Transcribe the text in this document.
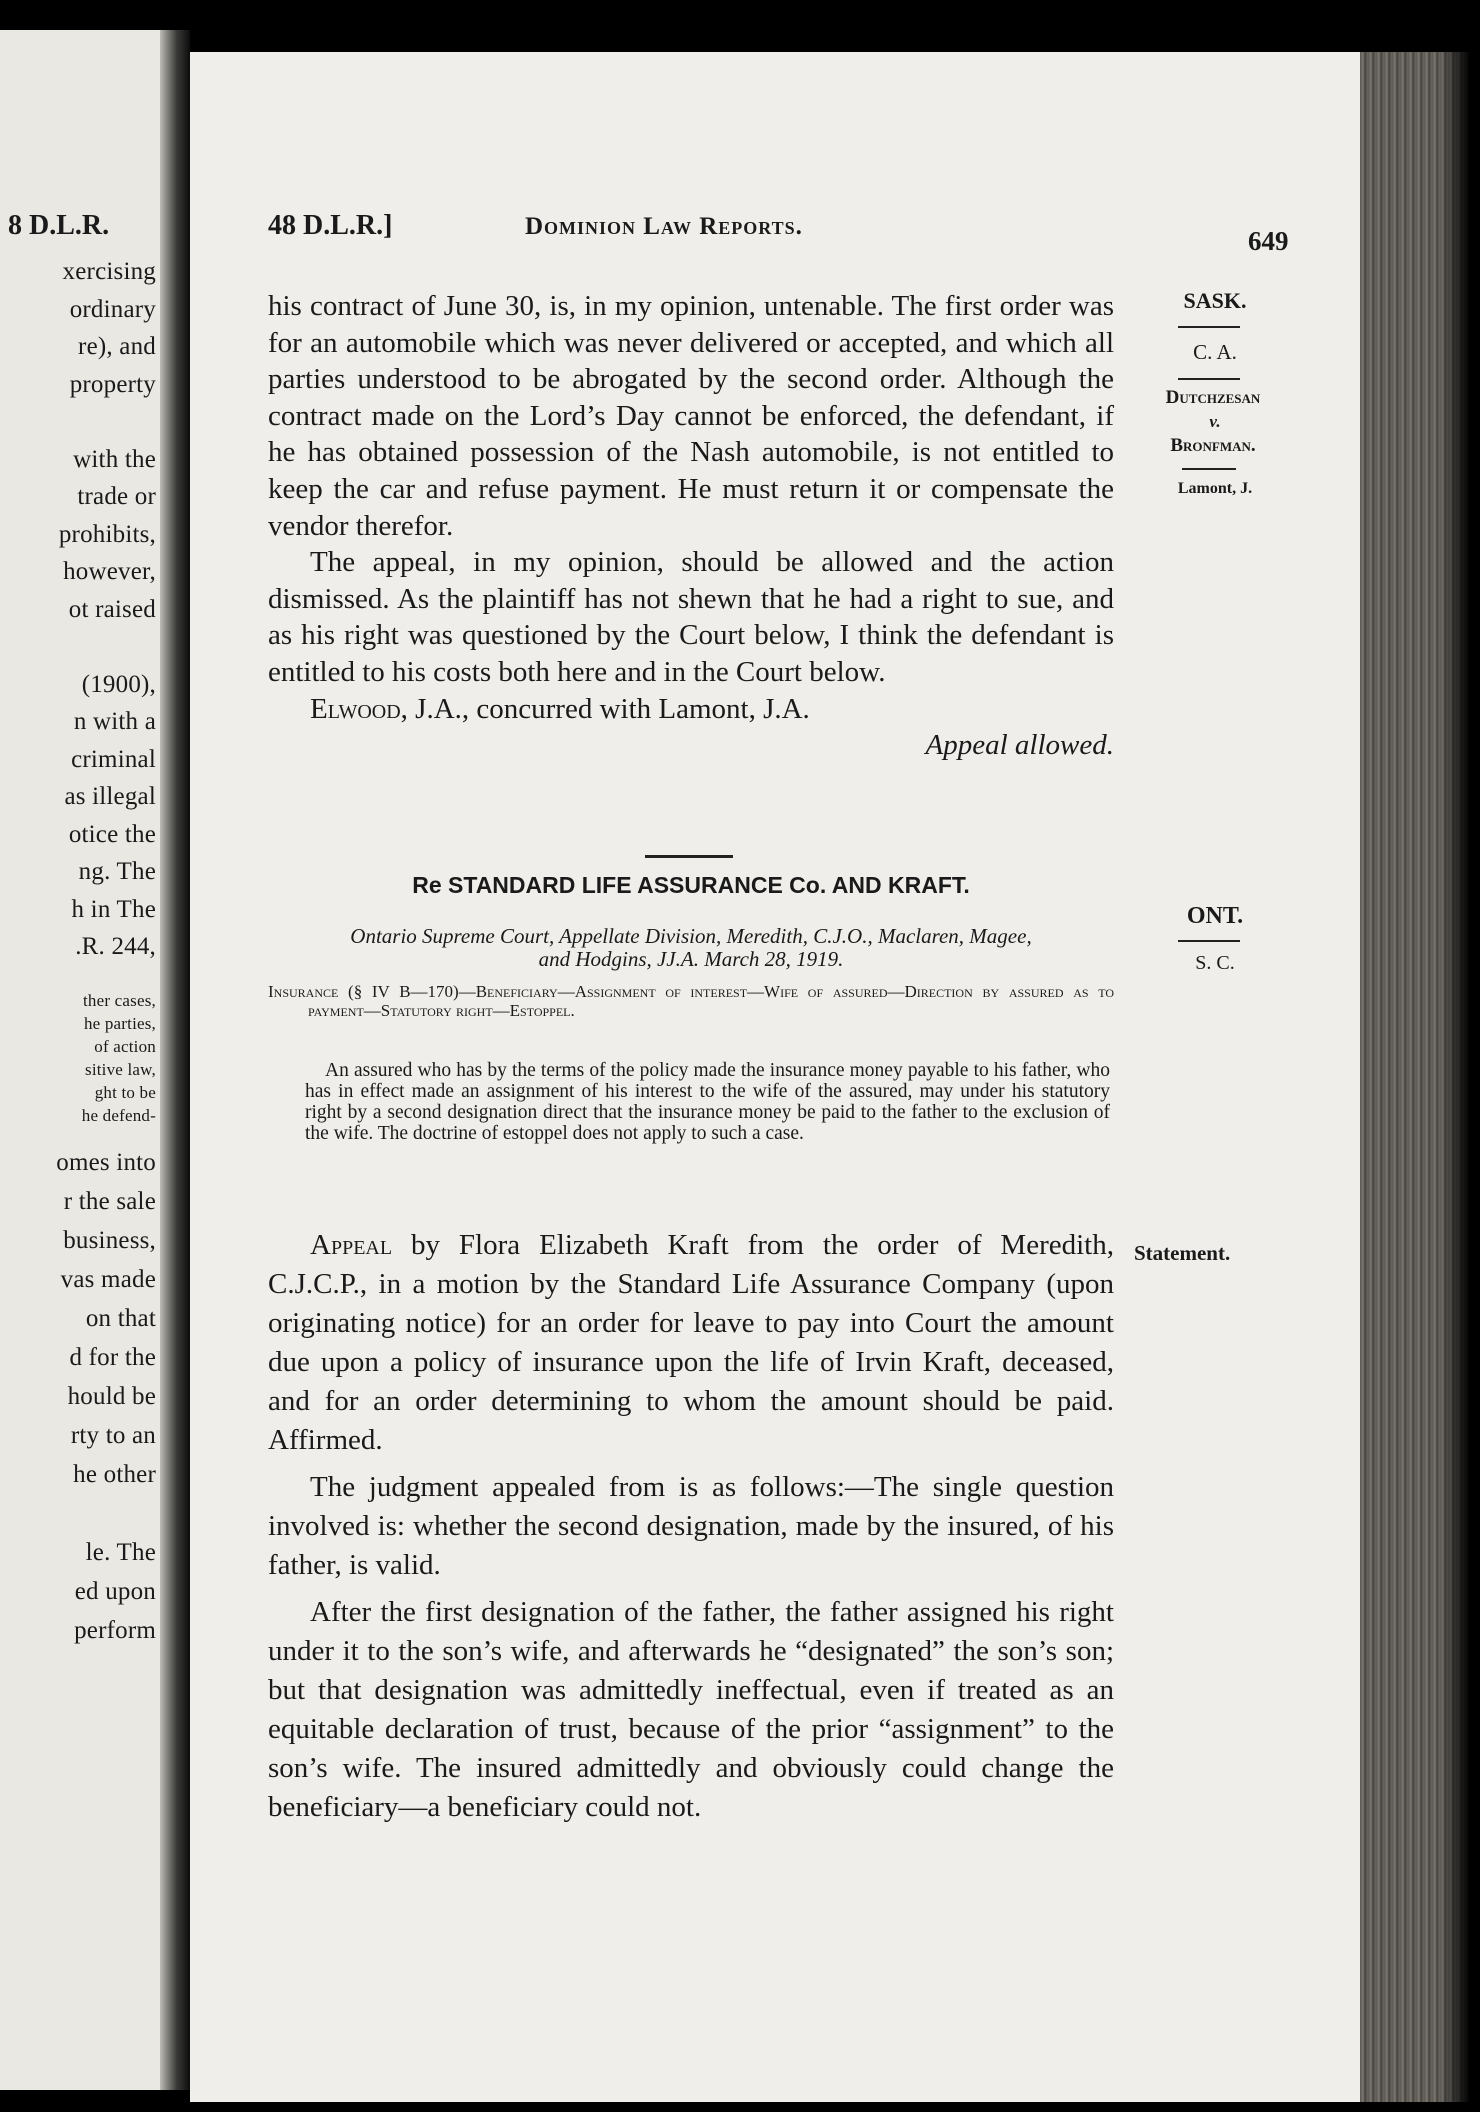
8 D.L.R.
xercising
ordinary
re), and
property
with the
trade or
prohibits,
however,
ot raised
(1900),
n with a
criminal
as illegal
otice the
ng. The
h in The
.R. 244,
ther cases,
he parties,
of action
sitive law,
ght to be
he defend-
omes into
r the sale
business,
vas made
on that
d for the
hould be
rty to an
he other
le. The
ed upon
perform
48 D.L.R.]	Dominion Law Reports.	649
SASK.
C. A.
Dutchzesan
v.
Bronfman.
Lamont, J.

his contract of June 30, is, in my opinion, untenable. The first order was for an automobile which was never delivered or accepted, and which all parties understood to be abrogated by the second order. Although the contract made on the Lord’s Day cannot be enforced, the defendant, if he has obtained possession of the Nash automobile, is not entitled to keep the car and refuse payment. He must return it or compensate the vendor therefor.

The appeal, in my opinion, should be allowed and the action dismissed. As the plaintiff has not shewn that he had a right to sue, and as his right was questioned by the Court below, I think the defendant is entitled to his costs both here and in the Court below.

Elwood, J.A., concurred with Lamont, J.A.

Appeal allowed.

ONT.
S. C.
Re STANDARD LIFE ASSURANCE Co. AND KRAFT.
Ontario Supreme Court, Appellate Division, Meredith, C.J.O., Maclaren, Magee,
and Hodgins, JJ.A. March 28, 1919.
Insurance (§ IV B—170)—Beneficiary—Assignment of interest—Wife of assured—Direction by assured as to payment—Statutory right—Estoppel.
An assured who has by the terms of the policy made the insurance money payable to his father, who has in effect made an assignment of his interest to the wife of the assured, may under his statutory right by a second designation direct that the insurance money be paid to the father to the exclusion of the wife. The doctrine of estoppel does not apply to such a case.
Statement.

Appeal by Flora Elizabeth Kraft from the order of Meredith, C.J.C.P., in a motion by the Standard Life Assurance Company (upon originating notice) for an order for leave to pay into Court the amount due upon a policy of insurance upon the life of Irvin Kraft, deceased, and for an order determining to whom the amount should be paid. Affirmed.

The judgment appealed from is as follows:—The single question involved is: whether the second designation, made by the insured, of his father, is valid.

After the first designation of the father, the father assigned his right under it to the son’s wife, and afterwards he “designated” the son’s son; but that designation was admittedly ineffectual, even if treated as an equitable declaration of trust, because of the prior “assignment” to the son’s wife. The insured admittedly and obviously could change the beneficiary—a beneficiary could not.
